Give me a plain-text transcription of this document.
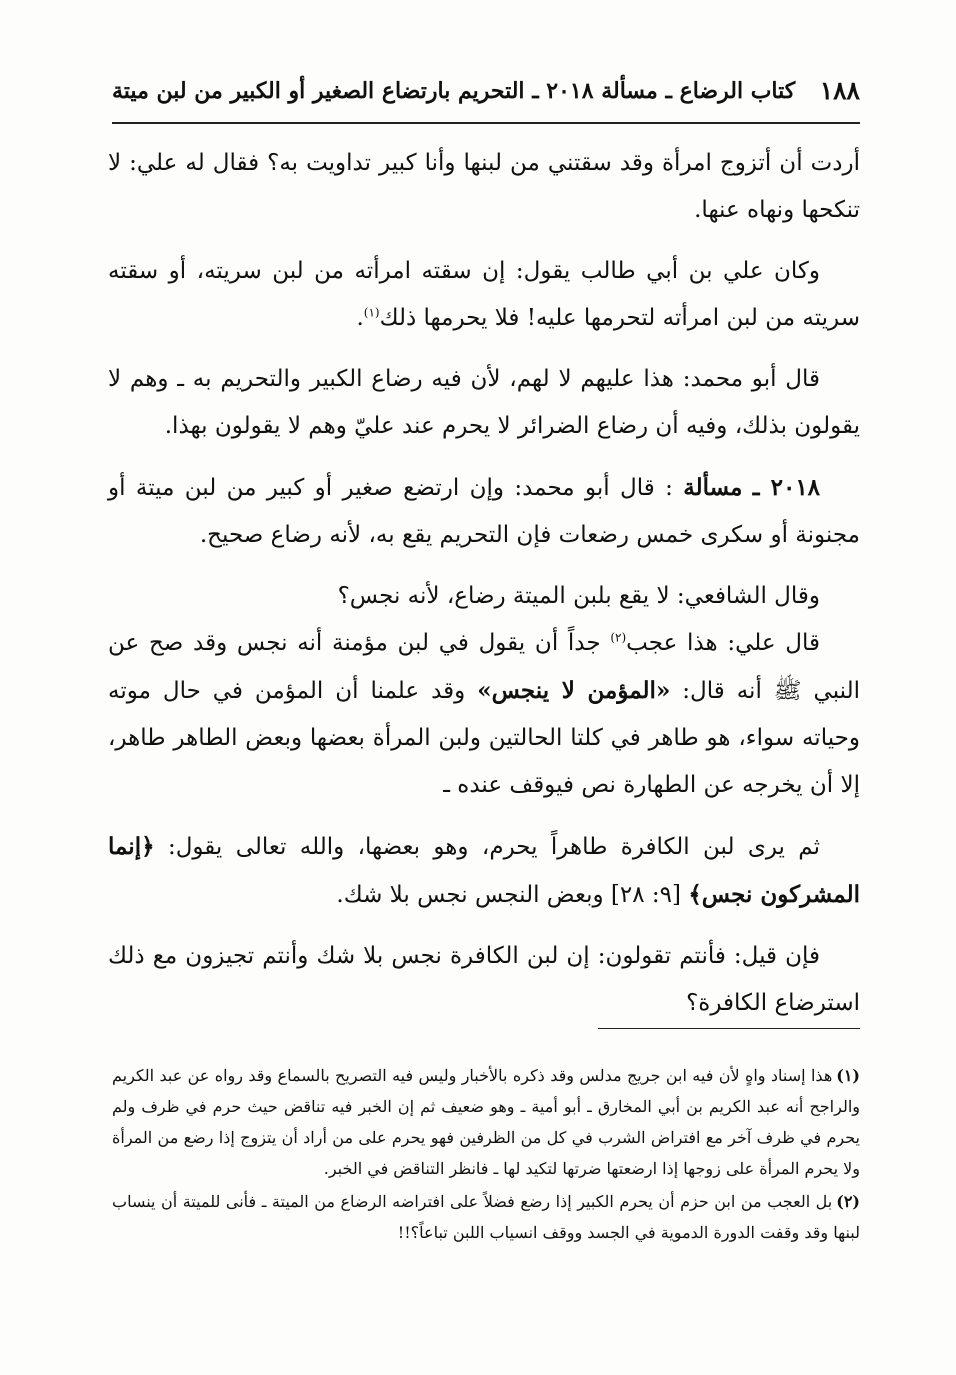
١٨٨
كتاب الرضاع ـ مسألة ٢٠١٨ ـ التحريم بارتضاع الصغير أو الكبير من لبن ميتة

أردت أن أتزوج امرأة وقد سقتني من لبنها وأنا كبير تداويت به؟ فقال له علي: لا تنكحها ونهاه عنها.

وكان علي بن أبي طالب يقول: إن سقته امرأته من لبن سريته، أو سقته سريته من لبن امرأته لتحرمها عليه! فلا يحرمها ذلك$^{(١)}$.

قال أبو محمد: هذا عليهم لا لهم، لأن فيه رضاع الكبير والتحريم به ـ وهم لا يقولون بذلك، وفيه أن رضاع الضرائر لا يحرم عند عليّ وهم لا يقولون بهذا.

٢٠١٨ ـ مسألة : قال أبو محمد: وإن ارتضع صغير أو كبير من لبن ميتة أو مجنونة أو سكرى خمس رضعات فإن التحريم يقع به، لأنه رضاع صحيح.

وقال الشافعي: لا يقع بلبن الميتة رضاع، لأنه نجس؟

قال علي: هذا عجب$^{(٢)}$ جداً أن يقول في لبن مؤمنة أنه نجس وقد صح عن النبي ﷺ أنه قال: «المؤمن لا ينجس» وقد علمنا أن المؤمن في حال موته وحياته سواء، هو طاهر في كلتا الحالتين ولبن المرأة بعضها وبعض الطاهر طاهر، إلا أن يخرجه عن الطهارة نص فيوقف عنده ـ

ثم يرى لبن الكافرة طاهراً يحرم، وهو بعضها، والله تعالى يقول: ﴿إنما المشركون نجس﴾ [٩: ٢٨] وبعض النجس نجس بلا شك.

فإن قيل: فأنتم تقولون: إن لبن الكافرة نجس بلا شك وأنتم تجيزون مع ذلك استرضاع الكافرة؟

(١)هذا إسناد واهٍ لأن فيه ابن جريج مدلس وقد ذكره بالأخبار وليس فيه التصريح بالسماع وقد رواه عن عبد الكريم والراجح أنه عبد الكريم بن أبي المخارق ـ أبو أمية ـ وهو ضعيف ثم إن الخبر فيه تناقض حيث حرم في ظرف ولم يحرم في ظرف آخر مع افتراض الشرب في كل من الظرفين فهو يحرم على من أراد أن يتزوج إذا رضع من المرأة ولا يحرم المرأة على زوجها إذا ارضعتها ضرتها لتكيد لها ـ فانظر التناقض في الخبر.

(٢)بل العجب من ابن حزم أن يحرم الكبير إذا رضع فضلاً على افتراضه الرضاع من الميتة ـ فأنى للميتة أن ينساب لبنها وقد وقفت الدورة الدموية في الجسد ووقف انسياب اللبن تباعاً؟!!
